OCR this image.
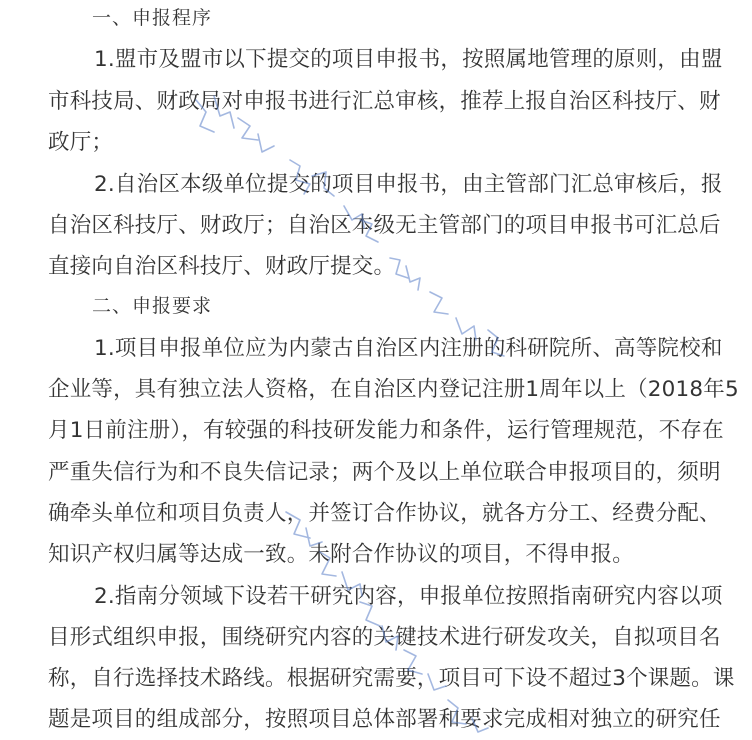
一、申报程序

1.盟市及盟市以下提交的项目申报书，按照属地管理的原则，由盟

市科技局、财政局对申报书进行汇总审核，推荐上报自治区科技厅、财

政厅；

2.自治区本级单位提交的项目申报书，由主管部门汇总审核后，报

自治区科技厅、财政厅；自治区本级无主管部门的项目申报书可汇总后

直接向自治区科技厅、财政厅提交。

二、申报要求

1.项目申报单位应为内蒙古自治区内注册的科研院所、高等院校和

企业等，具有独立法人资格，在自治区内登记注册1周年以上（2018年5

月1日前注册），有较强的科技研发能力和条件，运行管理规范，不存在

严重失信行为和不良失信记录；两个及以上单位联合申报项目的，须明

确牵头单位和项目负责人，并签订合作协议，就各方分工、经费分配、

知识产权归属等达成一致。未附合作协议的项目，不得申报。

2.指南分领域下设若干研究内容，申报单位按照指南研究内容以项

目形式组织申报，围绕研究内容的关键技术进行研发攻关，自拟项目名

称，自行选择技术路线。根据研究需要，项目可下设不超过3个课题。课

题是项目的组成部分，按照项目总体部署和要求完成相对独立的研究任
